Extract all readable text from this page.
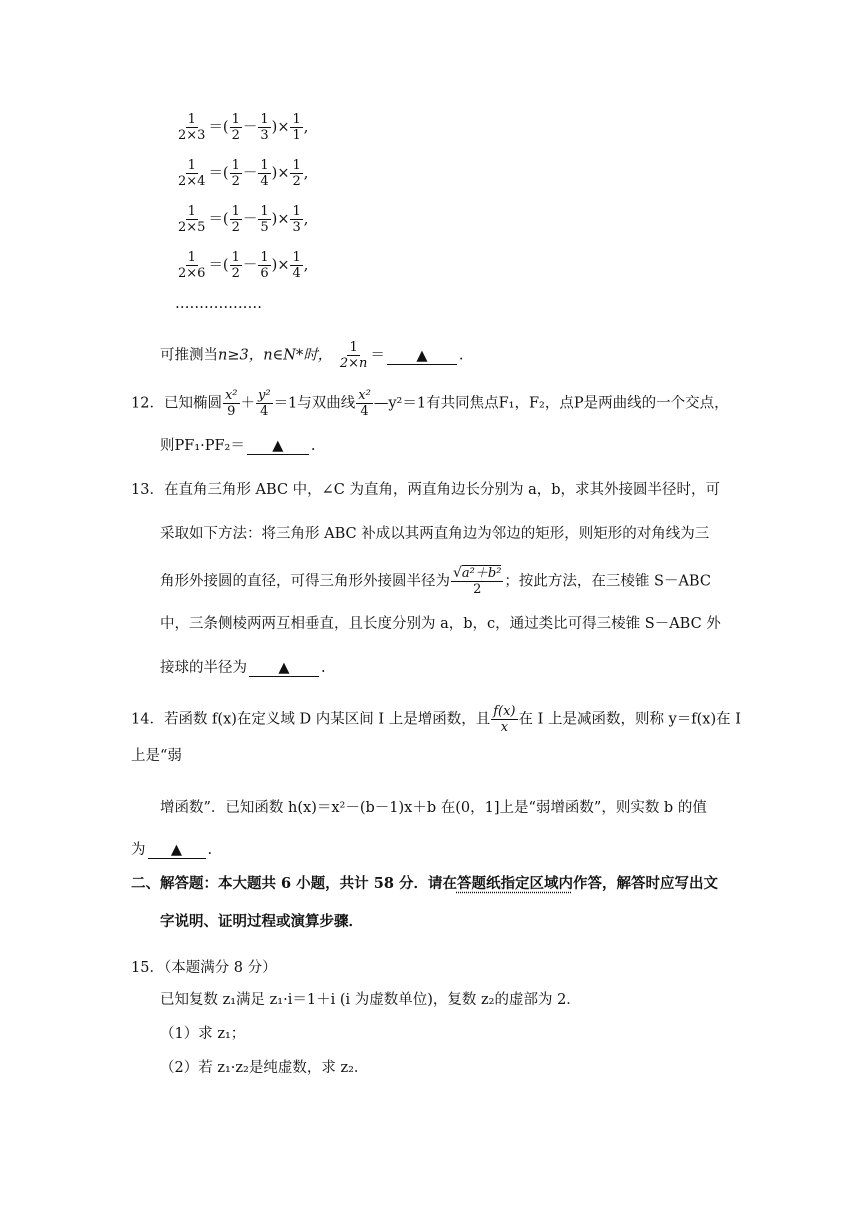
$\frac{1}{2\times 3}$ ＝( $\frac{1}{2} - \frac{1}{3}$ )× $\frac{1}{1}$ ,
$\frac{1}{2\times 4}$ ＝( $\frac{1}{2} - \frac{1}{4}$ )× $\frac{1}{2}$ ,
$\frac{1}{2\times 5}$ ＝( $\frac{1}{2} - \frac{1}{5}$ )× $\frac{1}{3}$ ,
$\frac{1}{2\times 6}$ ＝( $\frac{1}{2} - \frac{1}{6}$ )× $\frac{1}{4}$ ,
………………
可推测当n≥3，n∈N*时， $\frac{1}{2\times n}$ ＝ ▲ .
12．已知椭圆 $\frac{\text{x²}}{9} + \frac{\text{y²}}{4} =1$与双曲线 $\frac{\text{x²}}{4}$ —y²＝1有共同焦点F₁，F₂，点P是两曲线的一个交点，
则PF₁·PF₂＝ ▲ .
13．在直角三角形 ABC 中，∠C 为直角，两直角边长分别为 a，b，求其外接圆半径时，可
采取如下方法：将三角形 ABC 补成以其两直角边为邻边的矩形，则矩形的对角线为三
角形外接圆的直径，可得三角形外接圆半径为 $\frac{\text{√a²＋b²}}{2}$ ；按此方法，在三棱锥 S－ABC
中，三条侧棱两两互相垂直，且长度分别为 a，b，c，通过类比可得三棱锥 S－ABC 外
接球的半径为 ▲ .
14．若函数 f(x)在定义域 D 内某区间 I 上是增函数，且 $\frac{f(x)}{x}$ 在 I 上是减函数，则称 y＝f(x)在 I
上是“弱
增函数”．已知函数 h(x)＝x²－(b－1)x＋b 在(0，1]上是“弱增函数”，则实数 b 的值
为 ▲ .
二、解答题：本大题共 6 小题，共计 58 分．请在答题纸指定区域内作答，解答时应写出文
字说明、证明过程或演算步骤．
15．（本题满分 8 分）
已知复数 z₁满足 z₁·i＝1＋i (i 为虚数单位)，复数 z₂的虚部为 2．
（1）求 z₁；
（2）若 z₁·z₂是纯虚数，求 z₂．
